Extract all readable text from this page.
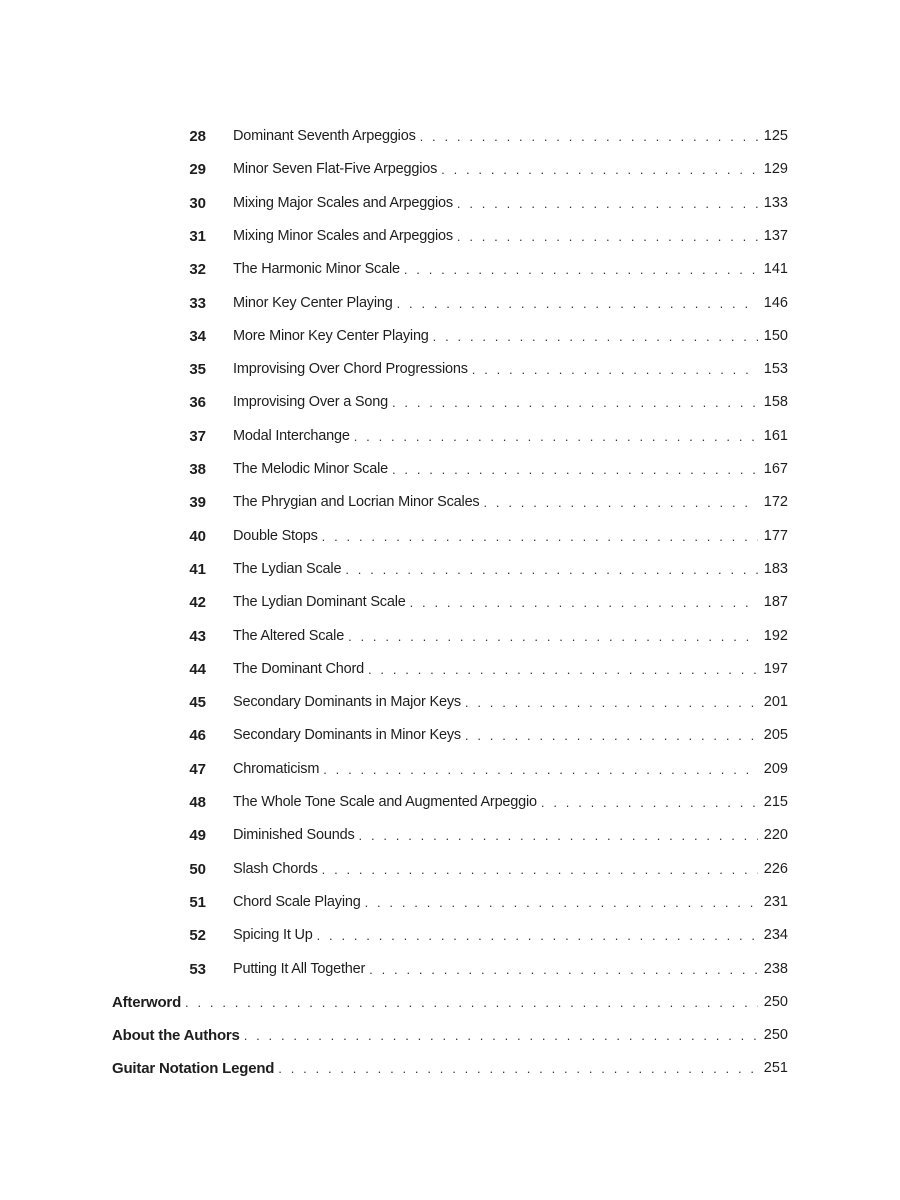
28 Dominant Seventh Arpeggios . . .	125
29 Minor Seven Flat-Five Arpeggios . . .	129
30 Mixing Major Scales and Arpeggios . . .	133
31 Mixing Minor Scales and Arpeggios . . .	137
32 The Harmonic Minor Scale . . .	141
33 Minor Key Center Playing . . .	146
34 More Minor Key Center Playing . . .	150
35 Improvising Over Chord Progressions . . .	153
36 Improvising Over a Song . . .	158
37 Modal Interchange . . .	161
38 The Melodic Minor Scale . . .	167
39 The Phrygian and Locrian Minor Scales . . .	172
40 Double Stops . . .	177
41 The Lydian Scale . . .	183
42 The Lydian Dominant Scale . . .	187
43 The Altered Scale . . .	192
44 The Dominant Chord . . .	197
45 Secondary Dominants in Major Keys . . .	201
46 Secondary Dominants in Minor Keys . . .	205
47 Chromaticism . . .	209
48 The Whole Tone Scale and Augmented Arpeggio . . .	215
49 Diminished Sounds . . .	220
50 Slash Chords . . .	226
51 Chord Scale Playing . . .	231
52 Spicing It Up . . .	234
53 Putting It All Together . . .	238
Afterword . . .	250
About the Authors . . .	250
Guitar Notation Legend . . .	251
